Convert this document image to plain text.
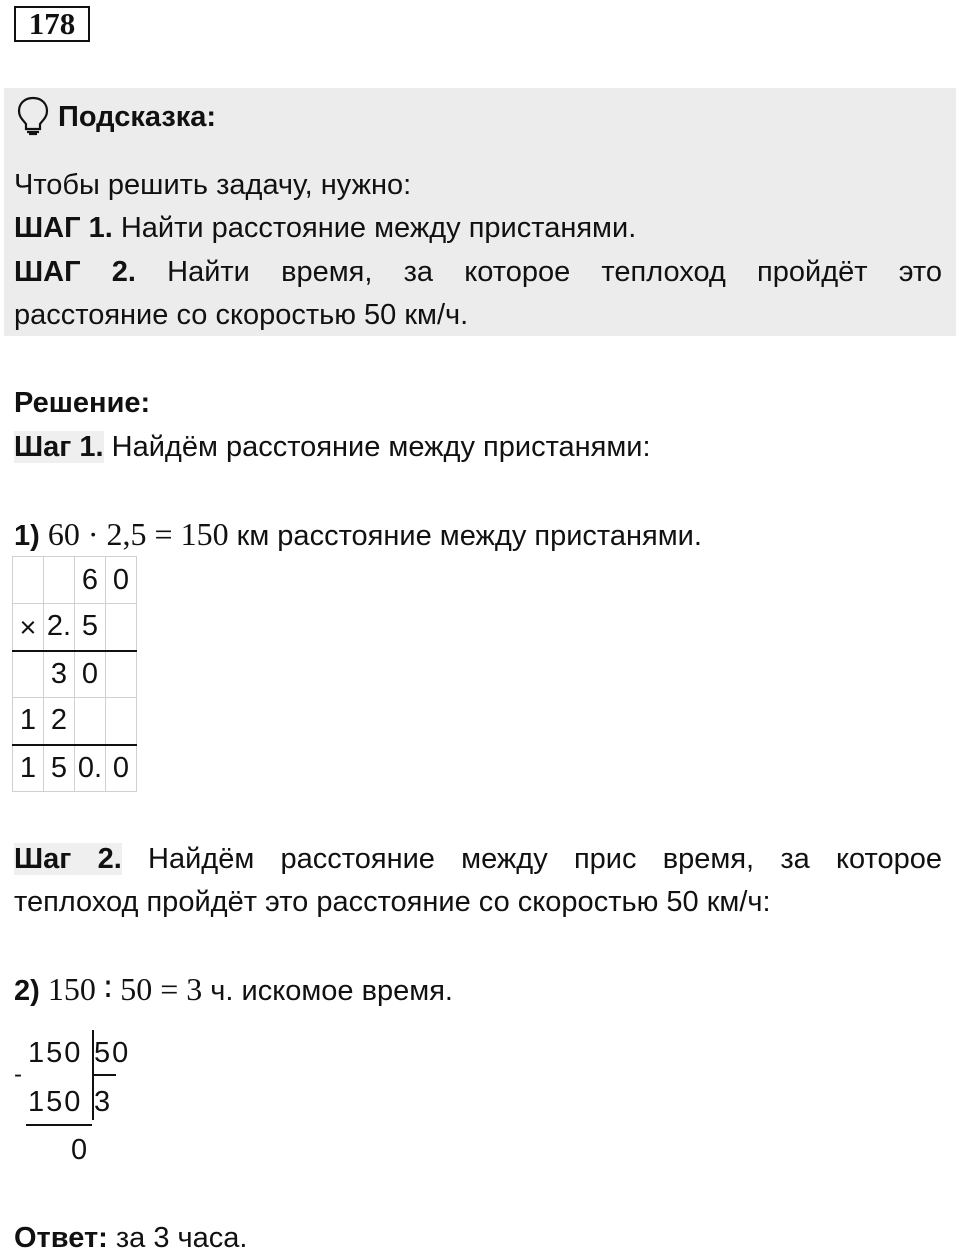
178
Подсказка:
Чтобы решить задачу, нужно:
ШАГ 1. Найти расстояние между пристанями.
ШАГ 2. Найти время, за которое теплоход пройдёт это
расстояние со скоростью 50 км/ч.
Решение:
Шаг 1. Найдём расстояние между пристанями:
1) 60 · 2,5 = 150 км расстояние между пристанями.
		6	0
×	2.	5	
	3	0	
1	2		
1	5	0.	0
Шаг 2. Найдём расстояние между прис время, за которое
теплоход пройдёт это расстояние со скоростью 50 км/ч:
2) 150 ∶ 50 = 3 ч. искомое время.
150 50
-
150 3
0
Ответ: за 3 часа.
